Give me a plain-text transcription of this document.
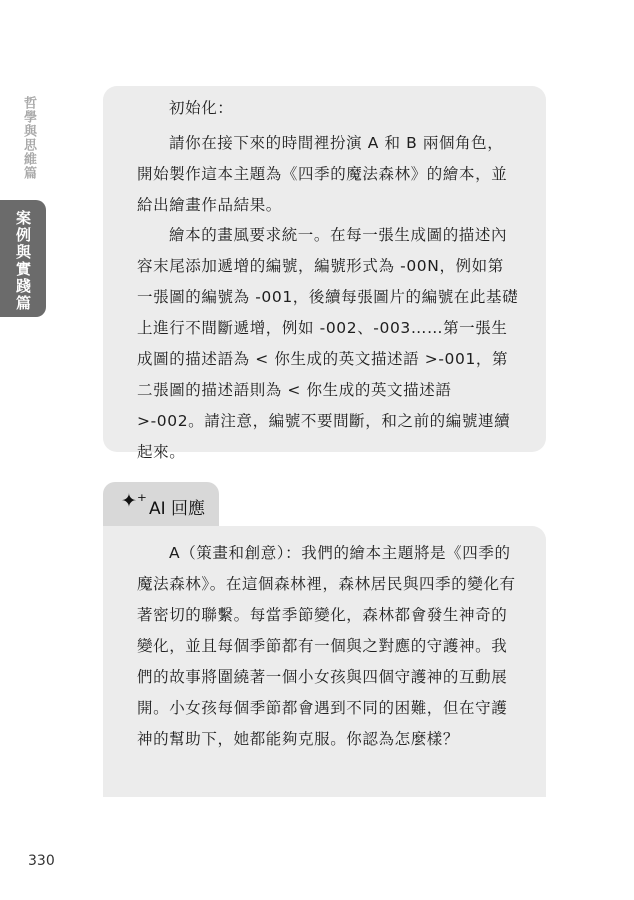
哲學與思維篇
案例與實踐篇

初始化：

請你在接下來的時間裡扮演 A 和 B 兩個角色，開始製作這本主題為《四季的魔法森林》的繪本，並給出繪畫作品結果。

繪本的畫風要求統一。在每一張生成圖的描述內容末尾添加遞增的編號，編號形式為 -00N，例如第一張圖的編號為 -001，後續每張圖片的編號在此基礎上進行不間斷遞增，例如 -002、-003……第一張生成圖的描述語為 < 你生成的英文描述語 >-001，第二張圖的描述語則為 < 你生成的英文描述語 >-002。請注意，編號不要間斷，和之前的編號連續起來。

✦⁺ AI 回應

A（策畫和創意）：我們的繪本主題將是《四季的魔法森林》。在這個森林裡，森林居民與四季的變化有著密切的聯繫。每當季節變化，森林都會發生神奇的變化，並且每個季節都有一個與之對應的守護神。我們的故事將圍繞著一個小女孩與四個守護神的互動展開。小女孩每個季節都會遇到不同的困難，但在守護神的幫助下，她都能夠克服。你認為怎麼樣？

330
